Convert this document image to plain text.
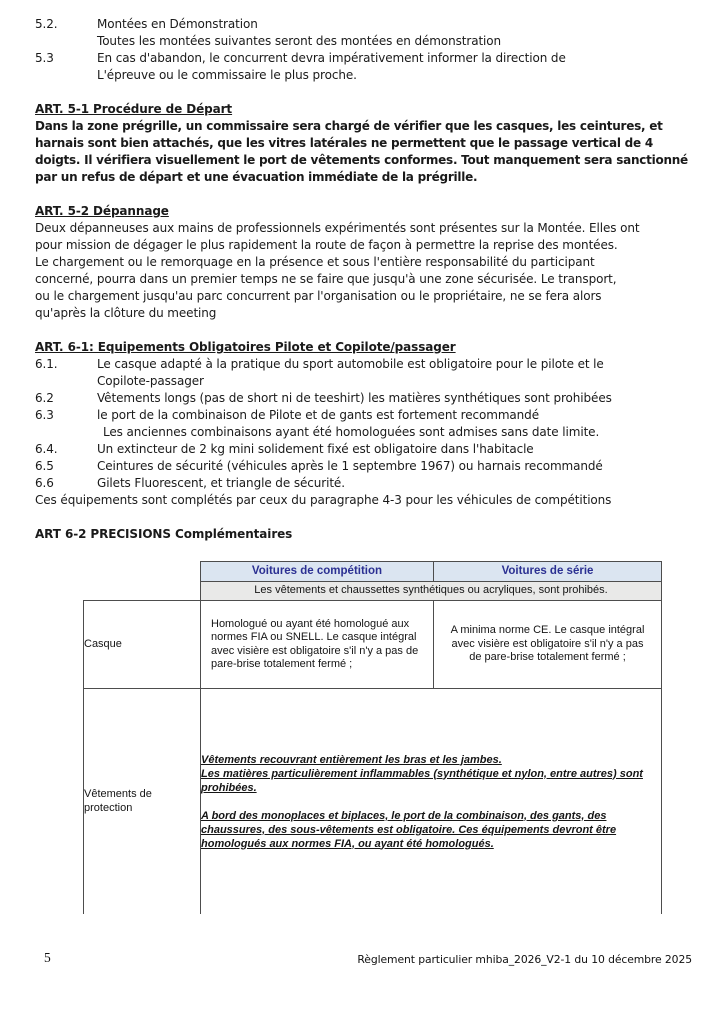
5.2.	Montées en Démonstration
Toutes les montées suivantes seront des montées en démonstration
5.3	En cas d'abandon, le concurrent devra impérativement informer la direction de
L'épreuve ou le commissaire le plus proche.
ART. 5-1 Procédure de Départ
Dans la zone prégrille, un commissaire sera chargé de vérifier que les casques, les ceintures, et
harnais sont bien attachés, que les vitres latérales ne permettent que le passage vertical de 4
doigts. Il vérifiera visuellement le port de vêtements conformes. Tout manquement sera sanctionné
par un refus de départ et une évacuation immédiate de la prégrille.
ART. 5-2 Dépannage
Deux dépanneuses aux mains de professionnels expérimentés sont présentes sur la Montée. Elles ont
pour mission de dégager le plus rapidement la route de façon à permettre la reprise des montées.
Le chargement ou le remorquage en la présence et sous l'entière responsabilité du participant
concerné, pourra dans un premier temps ne se faire que jusqu'à une zone sécurisée. Le transport,
ou le chargement jusqu'au parc concurrent par l'organisation ou le propriétaire, ne se fera alors
qu'après la clôture du meeting
ART. 6-1: Equipements Obligatoires Pilote et Copilote/passager
6.1.	Le casque adapté à la pratique du sport automobile est obligatoire pour le pilote et le
Copilote-passager
6.2	Vêtements longs (pas de short ni de teeshirt) les matières synthétiques sont prohibées
6.3	le port de la combinaison de Pilote et de gants est fortement recommandé
Les anciennes combinaisons ayant été homologuées sont admises sans date limite.
6.4.	Un extincteur de 2 kg mini solidement fixé est obligatoire dans l'habitacle
6.5	Ceintures de sécurité (véhicules après le 1 septembre 1967) ou harnais recommandé
6.6	Gilets Fluorescent, et triangle de sécurité.
Ces équipements sont complétés par ceux du paragraphe 4-3 pour les véhicules de compétitions
ART 6-2 PRECISIONS Complémentaires
	Voitures de compétition	Voitures de série
	Les vêtements et chaussettes synthétiques ou acryliques, sont prohibés.	
Casque	Homologué ou ayant été homologué aux normes FIA ou SNELL. Le casque intégral avec visière est obligatoire s'il n'y a pas de pare-brise totalement fermé ;	A minima norme CE. Le casque intégral avec visière est obligatoire s'il n'y a pas de pare-brise totalement fermé ;
Vêtements de protection	Vêtements recouvrant entièrement les bras et les jambes.
Les matières particulièrement inflammables (synthétique et nylon, entre autres) sont prohibées.
A bord des monoplaces et biplaces, le port de la combinaison, des gants, des chaussures, des sous-vêtements est obligatoire. Ces équipements devront être homologués aux normes FIA, ou ayant été homologués.	
5	Règlement particulier mhiba_2026_V2-1 du 10 décembre 2025
